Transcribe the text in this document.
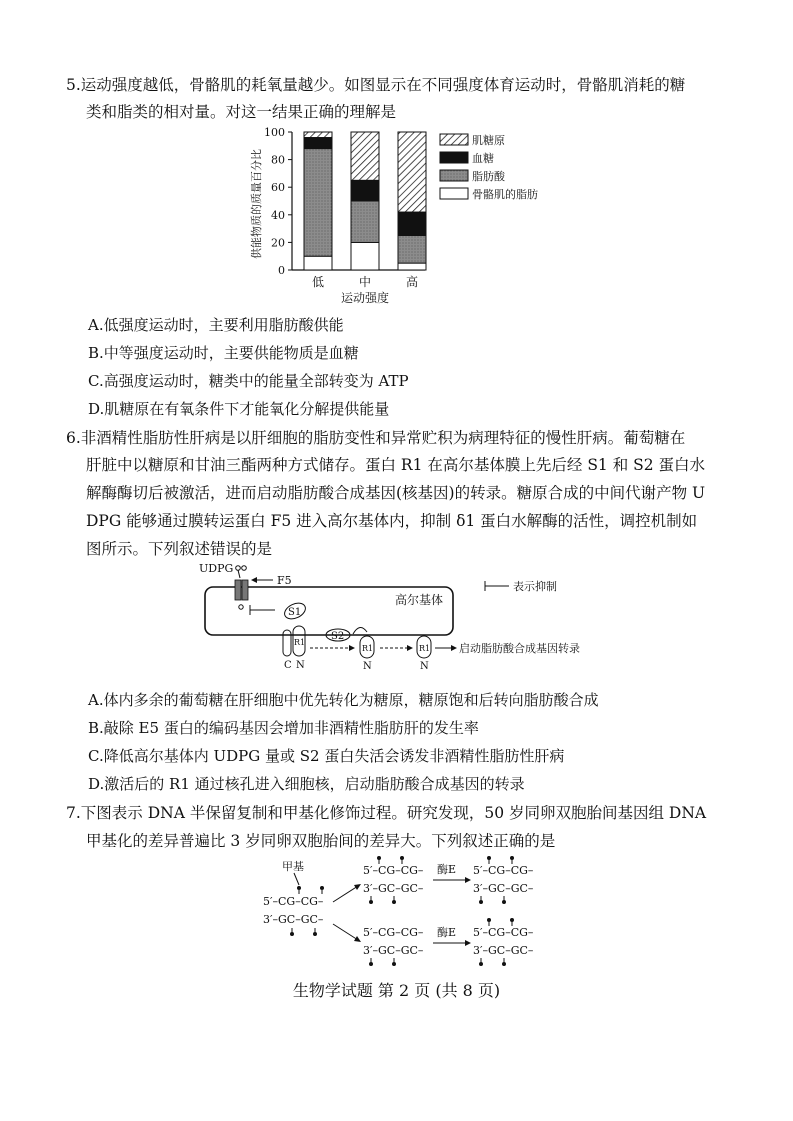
5.运动强度越低，骨骼肌的耗氧量越少。如图显示在不同强度体育运动时，骨骼肌消耗的糖
类和脂类的相对量。对这一结果正确的理解是
供能物质的质量百分比
0
20
40
60
80
100
低	中	高
运动强度
肌糖原
血糖
脂肪酸
骨骼肌的脂肪
A.低强度运动时，主要利用脂肪酸供能
B.中等强度运动时，主要供能物质是血糖
C.高强度运动时，糖类中的能量全部转变为 ATP
D.肌糖原在有氧条件下才能氧化分解提供能量
6.非酒精性脂肪性肝病是以肝细胞的脂肪变性和异常贮积为病理特征的慢性肝病。葡萄糖在
肝脏中以糖原和甘油三酯两种方式储存。蛋白 R1 在高尔基体膜上先后经 S1 和 S2 蛋白水
解酶酶切后被激活，进而启动脂肪酸合成基因(核基因)的转录。糖原合成的中间代谢产物 U
DPG 能够通过膜转运蛋白 F5 进入高尔基体内，抑制 δ1 蛋白水解酶的活性，调控机制如
图所示。下列叙述错误的是
UDPG
高尔基体
F5
S1
R1
C N
S2
R1
N
R1
N
启动脂肪酸合成基因转录
表示抑制
A.体内多余的葡萄糖在肝细胞中优先转化为糖原，糖原饱和后转向脂肪酸合成
B.敲除 E5 蛋白的编码基因会增加非酒精性脂肪肝的发生率
C.降低高尔基体内 UDPG 量或 S2 蛋白失活会诱发非酒精性脂肪性肝病
D.激活后的 R1 通过核孔进入细胞核，启动脂肪酸合成基因的转录
7.下图表示 DNA 半保留复制和甲基化修饰过程。研究发现，50 岁同卵双胞胎间基因组 DNA
甲基化的差异普遍比 3 岁同卵双胞胎间的差异大。下列叙述正确的是
甲基
5′–CG–CG–
3′–GC–GC–
5′–CG–CG–
3′–GC–GC–
酶E 5′–CG–CG–
3′–GC–GC–
5′–CG–CG–
3′–GC–GC–
酶E 5′–CG–CG–
3′–GC–GC–
生物学试题 第 2 页 (共 8 页)
